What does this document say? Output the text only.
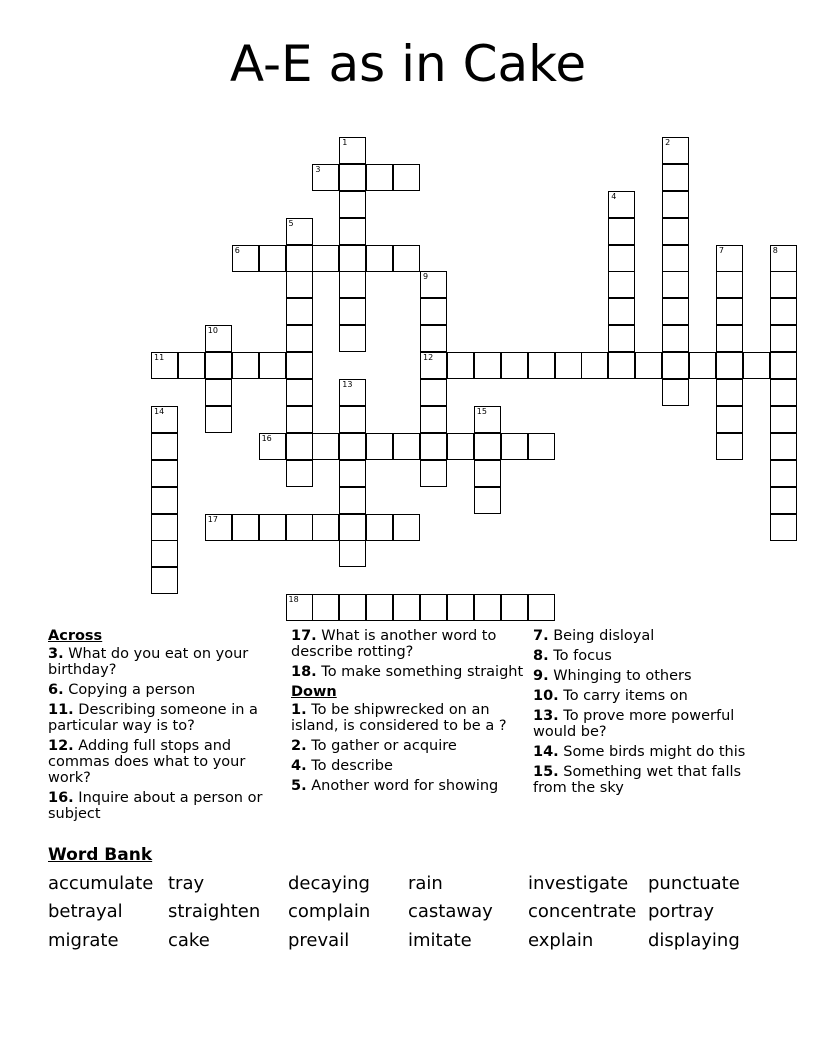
A-E as in Cake
1	2
3
4
5
6	7	8
9
10
11	12
13
14	15
16
17
18
Across
3. What do you eat on your birthday?
6. Copying a person
11. Describing someone in a particular way is to?
12. Adding full stops and commas does what to your work?
16. Inquire about a person or subject
17. What is another word to describe rotting?
18. To make something straight
Down
1. To be shipwrecked on an island, is considered to be a ?
2. To gather or acquire
4. To describe
5. Another word for showing
7. Being disloyal
8. To focus
9. Whinging to others
10. To carry items on
13. To prove more powerful would be?
14. Some birds might do this
15. Something wet that falls from the sky
Word Bank
accumulate tray	decaying rain	investigate punctuate
betrayal	straighten complain castaway concentrate portray
migrate	cake	prevail	imitate	explain	displaying
